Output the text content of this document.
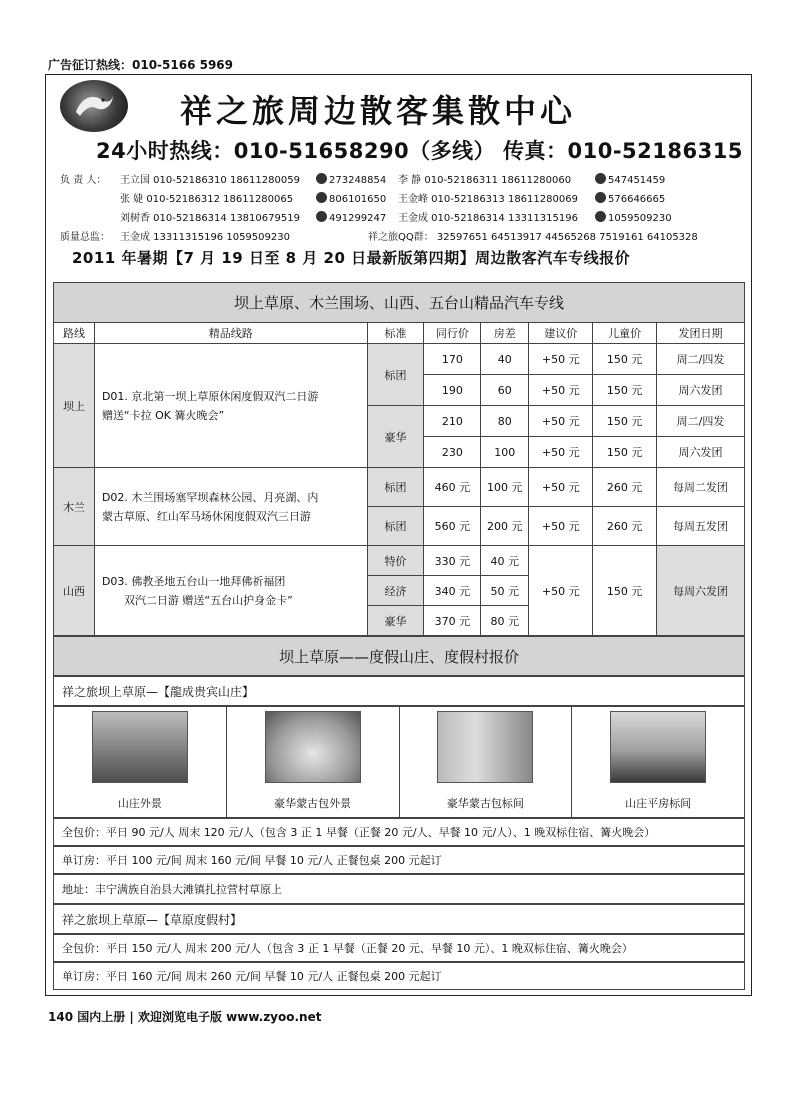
广告征订热线：010-5166 5969
祥之旅周边散客集散中心
24小时热线：010-51658290（多线） 传真：010-52186315
负 责 人： 王立国 010-52186310 18611280059	273248854 李 静 010-52186311 18611280060	547451459
张 婕 010-52186312 18611280065	806101650 王金峰 010-52186313 18611280069	576646665
刘树香 010-52186314 13810679519	491299247 王金成 010-52186314 13311315196	1059509230
质量总监： 王金成 13311315196 1059509230	祥之旅QQ群： 32597651 64513917 44565268 7519161 64105328
2011 年暑期【7 月 19 日至 8 月 20 日最新版第四期】周边散客汽车专线报价
坝上草原、木兰围场、山西、五台山精品汽车专线							
路线	精品线路	标准	同行价	房差	建议价	儿童价	发团日期
坝上	D01. 京北第一坝上草原休闲度假双汽二日游
赠送“卡拉 OK 篝火晚会”	标团	170	40	+50 元	150 元	周二/四发
			190	60	+50 元	150 元	周六发团
		豪华	210	80	+50 元	150 元	周二/四发
			230	100	+50 元	150 元	周六发团
木兰	D02. 木兰围场塞罕坝森林公园、月亮湖、内
蒙古草原、红山军马场休闲度假双汽三日游	标团	460 元	100 元	+50 元	260 元	每周二发团
		标团	560 元	200 元	+50 元	260 元	每周五发团
山西	D03. 佛教圣地五台山一地拜佛祈福团
双汽二日游 赠送“五台山护身金卡”	特价	330 元	40 元	+50 元	150 元	每周六发团
		经济	340 元	50 元			
		豪华	370 元	80 元			
坝上草原——度假山庄、度假村报价
祥之旅坝上草原—【龍成贵宾山庄】
山庄外景	豪华蒙古包外景	豪华蒙古包标间	山庄平房标间
全包价：平日 90 元/人 周末 120 元/人（包含 3 正 1 早餐（正餐 20 元/人、早餐 10 元/人）、1 晚双标住宿、篝火晚会）
单订房：平日 100 元/间 周末 160 元/间 早餐 10 元/人 正餐包桌 200 元起订
地址：丰宁满族自治县大滩镇扎拉营村草原上
祥之旅坝上草原—【草原度假村】
全包价：平日 150 元/人 周末 200 元/人（包含 3 正 1 早餐（正餐 20 元、早餐 10 元）、1 晚双标住宿、篝火晚会）
单订房：平日 160 元/间 周末 260 元/间 早餐 10 元/人 正餐包桌 200 元起订
140 国内上册 | 欢迎浏览电子版 www.zyoo.net
